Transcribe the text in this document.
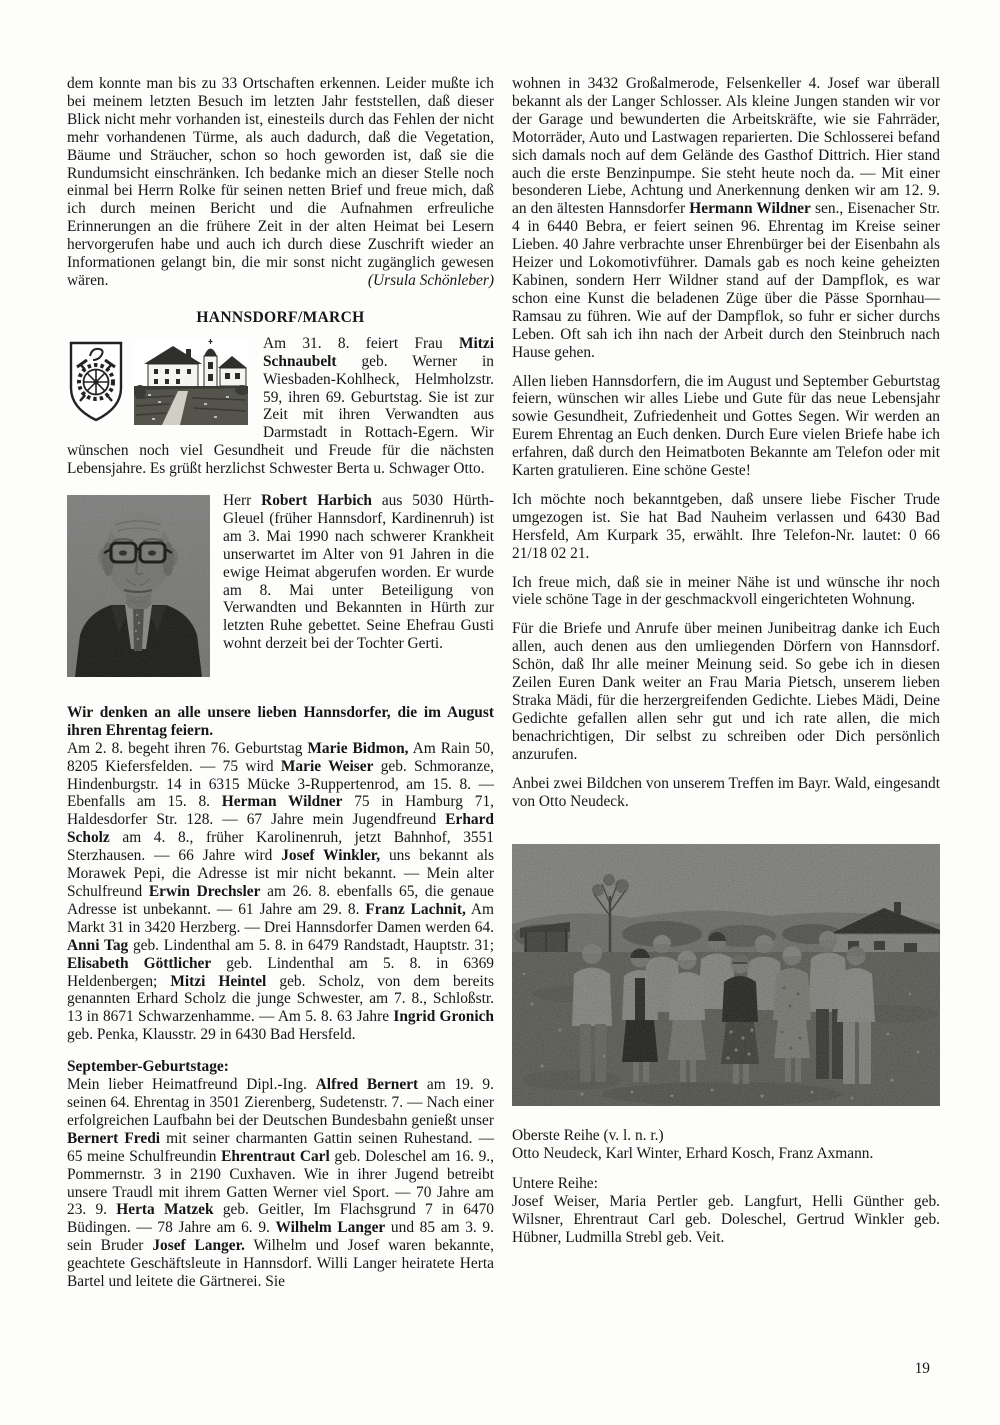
dem konnte man bis zu 33 Ortschaften erkennen. Leider mußte ich bei meinem letzten Besuch im letzten Jahr feststellen, daß dieser Blick nicht mehr vorhanden ist, einesteils durch das Fehlen der nicht mehr vorhandenen Türme, als auch dadurch, daß die Vegetation, Bäume und Sträucher, schon so hoch geworden ist, daß sie die Rundumsicht einschränken. Ich bedanke mich an dieser Stelle noch einmal bei Herrn Rolke für seinen netten Brief und freue mich, daß ich durch meinen Bericht und die Aufnahmen erfreuliche Erinnerungen an die frühere Zeit in der alten Heimat bei Lesern hervorgerufen habe und auch ich durch diese Zuschrift wieder an Informationen gelangt bin, die mir sonst nicht zugänglich gewesen wären.	(Ursula Schönleber)

HANNSDORF/MARCH

Am 31. 8. feiert Frau Mitzi Schnaubelt geb. Werner in Wiesbaden-Kohlheck, Helmholzstr. 59, ihren 69. Geburtstag. Sie ist zur Zeit mit ihren Verwandten aus Darmstadt in Rottach-Egern. Wir wünschen noch viel Gesundheit und Freude für die nächsten Lebensjahre. Es grüßt herzlichst Schwester Berta u. Schwager Otto.

Herr Robert Harbich aus 5030 Hürth-Gleuel (früher Hannsdorf, Kardinenruh) ist am 3. Mai 1990 nach schwerer Krankheit unserwartet im Alter von 91 Jahren in die ewige Heimat abgerufen worden. Er wurde am 8. Mai unter Beteiligung von Verwandten und Bekannten in Hürth zur letzten Ruhe gebettet. Seine Ehefrau Gusti wohnt derzeit bei der Tochter Gerti.

Wir denken an alle unsere lieben Hannsdorfer, die im August ihren Ehrentag feiern.

Am 2. 8. begeht ihren 76. Geburtstag Marie Bidmon, Am Rain 50, 8205 Kiefersfelden. — 75 wird Marie Weiser geb. Schmoranze, Hindenburgstr. 14 in 6315 Mücke 3-Ruppertenrod, am 15. 8. — Ebenfalls am 15. 8. Herman Wildner 75 in Hamburg 71, Haldesdorfer Str. 128. — 67 Jahre mein Jugendfreund Erhard Scholz am 4. 8., früher Karolinenruh, jetzt Bahnhof, 3551 Sterzhausen. — 66 Jahre wird Josef Winkler, uns bekannt als Morawek Pepi, die Adresse ist mir nicht bekannt. — Mein alter Schulfreund Erwin Drechsler am 26. 8. ebenfalls 65, die genaue Adresse ist unbekannt. — 61 Jahre am 29. 8. Franz Lachnit, Am Markt 31 in 3420 Herzberg. — Drei Hannsdorfer Damen werden 64. Anni Tag geb. Lindenthal am 5. 8. in 6479 Randstadt, Hauptstr. 31; Elisabeth Göttlicher geb. Lindenthal am 5. 8. in 6369 Heldenbergen; Mitzi Heintel geb. Scholz, von dem bereits genannten Erhard Scholz die junge Schwester, am 7. 8., Schloßstr. 13 in 8671 Schwarzenhamme. — Am 5. 8. 63 Jahre Ingrid Gronich geb. Penka, Klausstr. 29 in 6430 Bad Hersfeld.

September-Geburtstage:

Mein lieber Heimatfreund Dipl.-Ing. Alfred Bernert am 19. 9. seinen 64. Ehrentag in 3501 Zierenberg, Sudetenstr. 7. — Nach einer erfolgreichen Laufbahn bei der Deutschen Bundesbahn genießt unser Bernert Fredi mit seiner charmanten Gattin seinen Ruhestand. — 65 meine Schulfreundin Ehrentraut Carl geb. Doleschel am 16. 9., Pommernstr. 3 in 2190 Cuxhaven. Wie in ihrer Jugend betreibt unsere Traudl mit ihrem Gatten Werner viel Sport. — 70 Jahre am 23. 9. Herta Matzek geb. Geitler, Im Flachsgrund 7 in 6470 Büdingen. — 78 Jahre am 6. 9. Wilhelm Langer und 85 am 3. 9. sein Bruder Josef Langer. Wilhelm und Josef waren bekannte, geachtete Geschäftsleute in Hannsdorf. Willi Langer heiratete Herta Bartel und leitete die Gärtnerei. Sie

wohnen in 3432 Großalmerode, Felsenkeller 4. Josef war überall bekannt als der Langer Schlosser. Als kleine Jungen standen wir vor der Garage und bewunderten die Arbeitskräfte, wie sie Fahrräder, Motorräder, Auto und Lastwagen reparierten. Die Schlosserei befand sich damals noch auf dem Gelände des Gasthof Dittrich. Hier stand auch die erste Benzinpumpe. Sie steht heute noch da. — Mit einer besonderen Liebe, Achtung und Anerkennung denken wir am 12. 9. an den ältesten Hannsdorfer Hermann Wildner sen., Eisenacher Str. 4 in 6440 Bebra, er feiert seinen 96. Ehrentag im Kreise seiner Lieben. 40 Jahre verbrachte unser Ehrenbürger bei der Eisenbahn als Heizer und Lokomotivführer. Damals gab es noch keine geheizten Kabinen, sondern Herr Wildner stand auf der Dampflok, es war schon eine Kunst die beladenen Züge über die Pässe Spornhau—Ramsau zu führen. Wie auf der Dampflok, so fuhr er sicher durchs Leben. Oft sah ich ihn nach der Arbeit durch den Steinbruch nach Hause gehen.

Allen lieben Hannsdorfern, die im August und September Geburtstag feiern, wünschen wir alles Liebe und Gute für das neue Lebensjahr sowie Gesundheit, Zufriedenheit und Gottes Segen. Wir werden an Eurem Ehrentag an Euch denken. Durch Eure vielen Briefe habe ich erfahren, daß durch den Heimatboten Bekannte am Telefon oder mit Karten gratulieren. Eine schöne Geste!

Ich möchte noch bekanntgeben, daß unsere liebe Fischer Trude umgezogen ist. Sie hat Bad Nauheim verlassen und 6430 Bad Hersfeld, Am Kurpark 35, erwählt. Ihre Telefon-Nr. lautet: 0 66 21/18 02 21.

Ich freue mich, daß sie in meiner Nähe ist und wünsche ihr noch viele schöne Tage in der geschmackvoll eingerichteten Wohnung.

Für die Briefe und Anrufe über meinen Junibeitrag danke ich Euch allen, auch denen aus den umliegenden Dörfern von Hannsdorf. Schön, daß Ihr alle meiner Meinung seid. So gebe ich in diesen Zeilen Euren Dank weiter an Frau Maria Pietsch, unserem lieben Straka Mädi, für die herzergreifenden Gedichte. Liebes Mädi, Deine Gedichte gefallen allen sehr gut und ich rate allen, die mich benachrichtigen, Dir selbst zu schreiben oder Dich persönlich anzurufen.

Anbei zwei Bildchen von unserem Treffen im Bayr. Wald, eingesandt von Otto Neudeck.

Oberste Reihe (v. l. n. r.)
Otto Neudeck, Karl Winter, Erhard Kosch, Franz Axmann.
Untere Reihe:
Josef Weiser, Maria Pertler geb. Langfurt, Helli Günther geb. Wilsner, Ehrentraut Carl geb. Doleschel, Gertrud Winkler geb. Hübner, Ludmilla Strebl geb. Veit.
19
